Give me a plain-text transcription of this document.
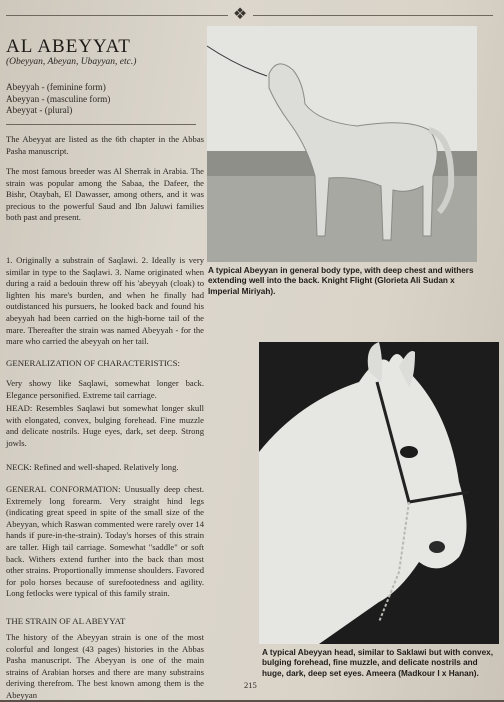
❖
AL ABEYYAT
(Obeyyan, Abeyan, Ubayyan, etc.)
Abeyyah - (feminine form)
Abeyyan - (masculine form)
Abeyyat - (plural)
The Abeyyat are listed as the 6th chapter in the Abbas Pasha manuscript.
The most famous breeder was Al Sherrak in Arabia. The strain was popular among the Sabaa, the Dafeer, the Bishr, Otaybah, El Dawasser, among others, and it was precious to the powerful Saud and Ibn Jaluwi families both past and present.
1. Originally a substrain of Saqlawi. 2. Ideally is very similar in type to the Saqlawi. 3. Name originated when during a raid a bedouin threw off his 'abeyyah (cloak) to lighten his mare's burden, and when he finally had outdistanced his pursuers, he looked back and found his abeyyah had been carried on the high-borne tail of the mare. Thereafter the strain was named Abeyyah - for the mare who carried the abeyyah on her tail.
GENERALIZATION OF CHARACTERISTICS:
Very showy like Saqlawi, somewhat longer back. Elegance personified. Extreme tail carriage.
HEAD: Resembles Saqlawi but somewhat longer skull with elongated, convex, bulging forehead. Fine muzzle and delicate nostrils. Huge eyes, dark, set deep. Strong jowls.
NECK: Refined and well-shaped. Relatively long.
GENERAL CONFORMATION: Unusually deep chest. Extremely long forearm. Very straight hind legs (indicating great speed in spite of the small size of the Abeyyan, which Raswan commented were rarely over 14 hands if pure-in-the-strain). Today's horses of this strain are taller. High tail carriage. Somewhat "saddle" or soft back. Withers extend further into the back than most other strains. Proportionally immense shoulders. Favored for polo horses because of surefootedness and agility. Long fetlocks were typical of this family strain.
THE STRAIN OF AL ABEYYAT
The history of the Abeyyan strain is one of the most colorful and longest (43 pages) histories in the Abbas Pasha manuscript. The Abeyyan is one of the main strains of Arabian horses and there are many substrains deriving therefrom. The best known among them is the Abeyyan
A typical Abeyyan in general body type, with deep chest and withers extending well into the back. Knight Flight (Glorieta Ali Sudan x Imperial Miriyah).
A typical Abeyyan head, similar to Saklawi but with convex, bulging forehead, fine muzzle, and delicate nostrils and huge, dark, deep set eyes. Ameera (Madkour I x Hanan).
215
